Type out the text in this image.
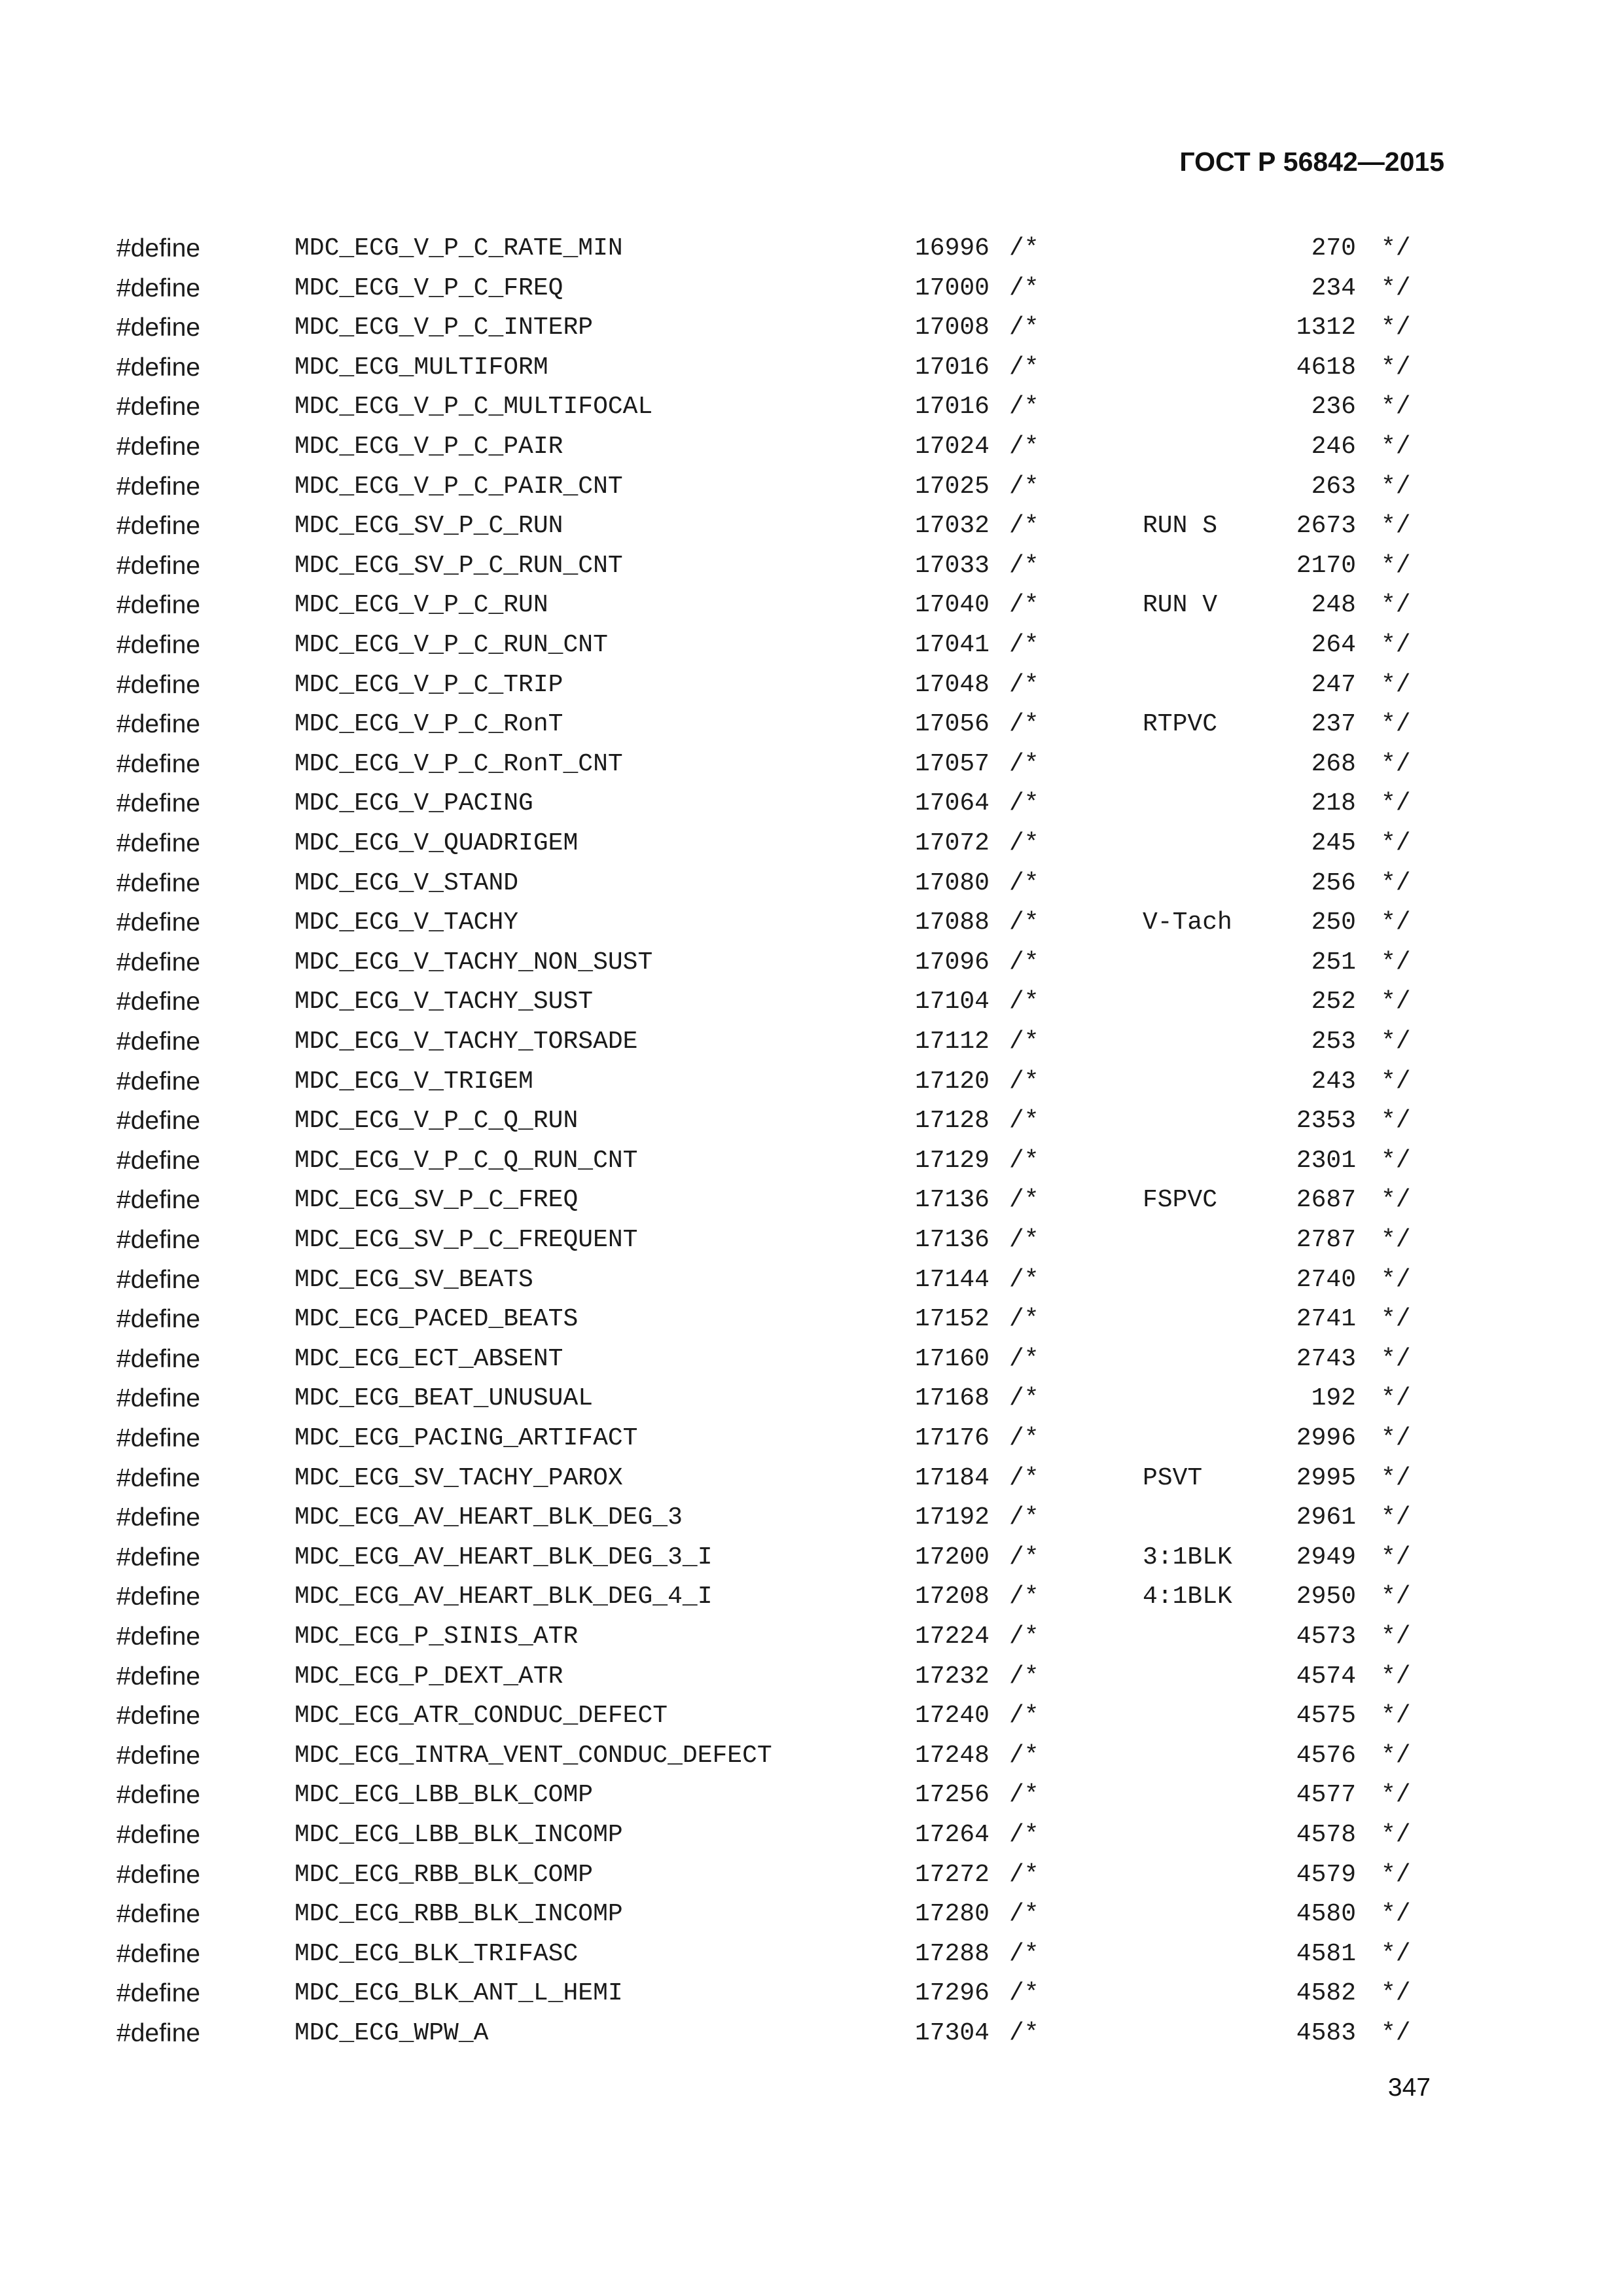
ГОСТ Р 56842—2015
#define	MDC_ECG_V_P_C_RATE_MIN	16996 /*	270 */
#define	MDC_ECG_V_P_C_FREQ	17000 /*	234 */
#define	MDC_ECG_V_P_C_INTERP	17008 /*	1312 */
#define	MDC_ECG_MULTIFORM	17016 /*	4618 */
#define	MDC_ECG_V_P_C_MULTIFOCAL	17016 /*	236 */
#define	MDC_ECG_V_P_C_PAIR	17024 /*	246 */
#define	MDC_ECG_V_P_C_PAIR_CNT	17025 /*	263 */
#define	MDC_ECG_SV_P_C_RUN	17032 /*	RUN S	2673 */
#define	MDC_ECG_SV_P_C_RUN_CNT	17033 /*	2170 */
#define	MDC_ECG_V_P_C_RUN	17040 /*	RUN V	248 */
#define	MDC_ECG_V_P_C_RUN_CNT	17041 /*	264 */
#define	MDC_ECG_V_P_C_TRIP	17048 /*	247 */
#define	MDC_ECG_V_P_C_RonT	17056 /*	RTPVC	237 */
#define	MDC_ECG_V_P_C_RonT_CNT	17057 /*	268 */
#define	MDC_ECG_V_PACING	17064 /*	218 */
#define	MDC_ECG_V_QUADRIGEM	17072 /*	245 */
#define	MDC_ECG_V_STAND	17080 /*	256 */
#define	MDC_ECG_V_TACHY	17088 /*	V-Tach	250 */
#define	MDC_ECG_V_TACHY_NON_SUST	17096 /*	251 */
#define	MDC_ECG_V_TACHY_SUST	17104 /*	252 */
#define	MDC_ECG_V_TACHY_TORSADE	17112 /*	253 */
#define	MDC_ECG_V_TRIGEM	17120 /*	243 */
#define	MDC_ECG_V_P_C_Q_RUN	17128 /*	2353 */
#define	MDC_ECG_V_P_C_Q_RUN_CNT	17129 /*	2301 */
#define	MDC_ECG_SV_P_C_FREQ	17136 /*	FSPVC	2687 */
#define	MDC_ECG_SV_P_C_FREQUENT	17136 /*	2787 */
#define	MDC_ECG_SV_BEATS	17144 /*	2740 */
#define	MDC_ECG_PACED_BEATS	17152 /*	2741 */
#define	MDC_ECG_ECT_ABSENT	17160 /*	2743 */
#define	MDC_ECG_BEAT_UNUSUAL	17168 /*	192 */
#define	MDC_ECG_PACING_ARTIFACT	17176 /*	2996 */
#define	MDC_ECG_SV_TACHY_PAROX	17184 /*	PSVT	2995 */
#define	MDC_ECG_AV_HEART_BLK_DEG_3	17192 /*	2961 */
#define	MDC_ECG_AV_HEART_BLK_DEG_3_I	17200 /*	3:1BLK	2949 */
#define	MDC_ECG_AV_HEART_BLK_DEG_4_I	17208 /*	4:1BLK	2950 */
#define	MDC_ECG_P_SINIS_ATR	17224 /*	4573 */
#define	MDC_ECG_P_DEXT_ATR	17232 /*	4574 */
#define	MDC_ECG_ATR_CONDUC_DEFECT	17240 /*	4575 */
#define	MDC_ECG_INTRA_VENT_CONDUC_DEFECT	17248 /*	4576 */
#define	MDC_ECG_LBB_BLK_COMP	17256 /*	4577 */
#define	MDC_ECG_LBB_BLK_INCOMP	17264 /*	4578 */
#define	MDC_ECG_RBB_BLK_COMP	17272 /*	4579 */
#define	MDC_ECG_RBB_BLK_INCOMP	17280 /*	4580 */
#define	MDC_ECG_BLK_TRIFASC	17288 /*	4581 */
#define	MDC_ECG_BLK_ANT_L_HEMI	17296 /*	4582 */
#define	MDC_ECG_WPW_A	17304 /*	4583 */
347
